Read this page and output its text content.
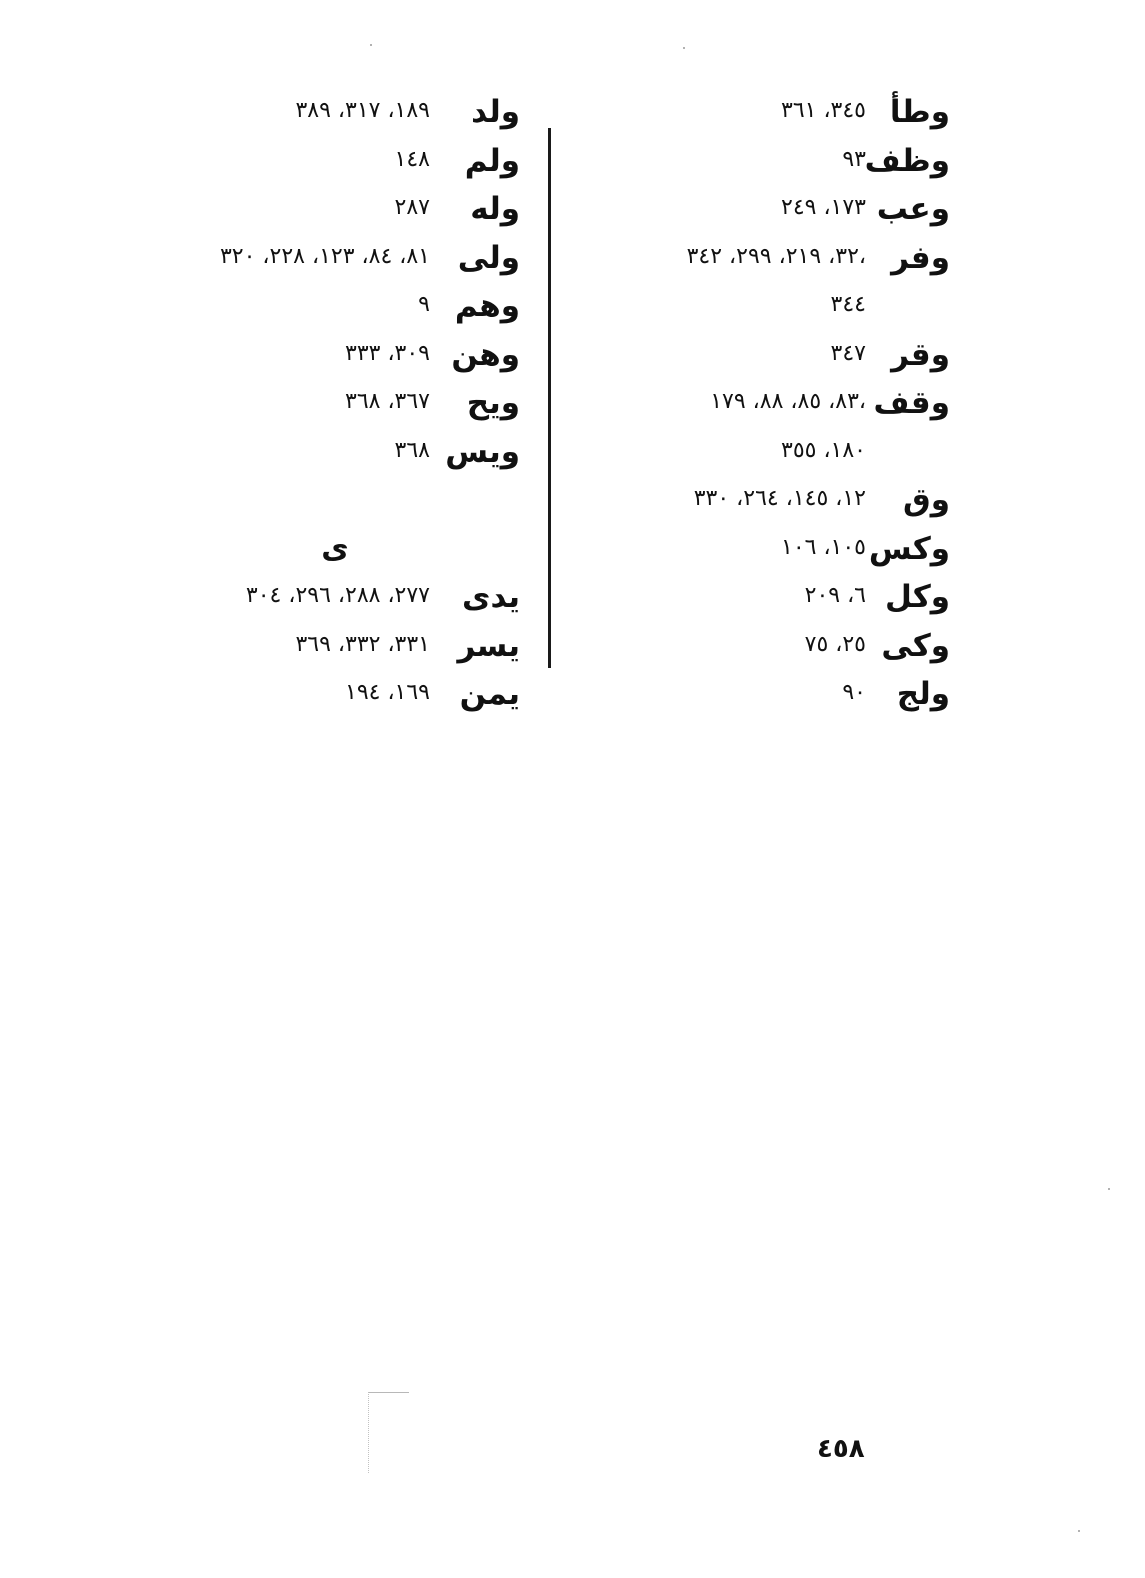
وطأ
٣٤٥، ٣٦١
وظف
٩٣
وعب
١٧٣، ٢٤٩
وفر
٣٢، ٢١٩، ٢٩٩، ٣٤٢،
٣٤٤
وقر
٣٤٧
وقف
٨٣، ٨٥، ٨٨، ١٧٩،
١٨٠، ٣٥٥
وق
١٢، ١٤٥، ٢٦٤، ٣٣٠
وكس
١٠٥، ١٠٦
وكل
٦، ٢٠٩
وكى
٢٥، ٧٥
ولج
٩٠
ولد
١٨٩، ٣١٧، ٣٨٩
ولم
١٤٨
وله
٢٨٧
ولى
٨١، ٨٤، ١٢٣، ٢٢٨، ٣٢٠
وهم
٩
وهن
٣٠٩، ٣٣٣
ويح
٣٦٧، ٣٦٨
ويس
٣٦٨
ى
يدى
٢٧٧، ٢٨٨، ٢٩٦، ٣٠٤
يسر
٣٣١، ٣٣٢، ٣٦٩
يمن
١٦٩، ١٩٤
٤٥٨
